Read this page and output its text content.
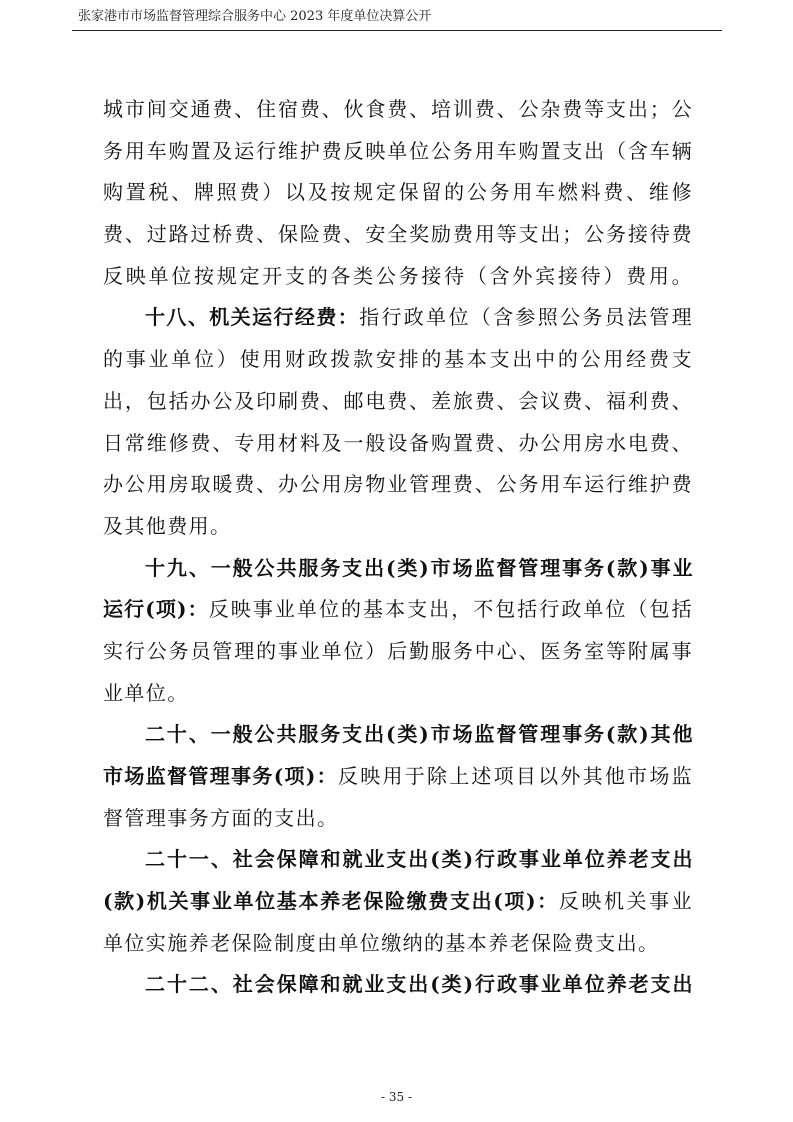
张家港市市场监督管理综合服务中心 2023 年度单位决算公开
城市间交通费、住宿费、伙食费、培训费、公杂费等支出；公
务用车购置及运行维护费反映单位公务用车购置支出（含车辆
购置税、牌照费）以及按规定保留的公务用车燃料费、维修
费、过路过桥费、保险费、安全奖励费用等支出；公务接待费
反映单位按规定开支的各类公务接待（含外宾接待）费用。
十八、机关运行经费：指行政单位（含参照公务员法管理
的事业单位）使用财政拨款安排的基本支出中的公用经费支
出，包括办公及印刷费、邮电费、差旅费、会议费、福利费、
日常维修费、专用材料及一般设备购置费、办公用房水电费、
办公用房取暖费、办公用房物业管理费、公务用车运行维护费
及其他费用。
十九、一般公共服务支出(类)市场监督管理事务(款)事业
运行(项)：反映事业单位的基本支出，不包括行政单位（包括
实行公务员管理的事业单位）后勤服务中心、医务室等附属事
业单位。
二十、一般公共服务支出(类)市场监督管理事务(款)其他
市场监督管理事务(项)：反映用于除上述项目以外其他市场监
督管理事务方面的支出。
二十一、社会保障和就业支出(类)行政事业单位养老支出
(款)机关事业单位基本养老保险缴费支出(项)：反映机关事业
单位实施养老保险制度由单位缴纳的基本养老保险费支出。
二十二、社会保障和就业支出(类)行政事业单位养老支出
- 35 -
